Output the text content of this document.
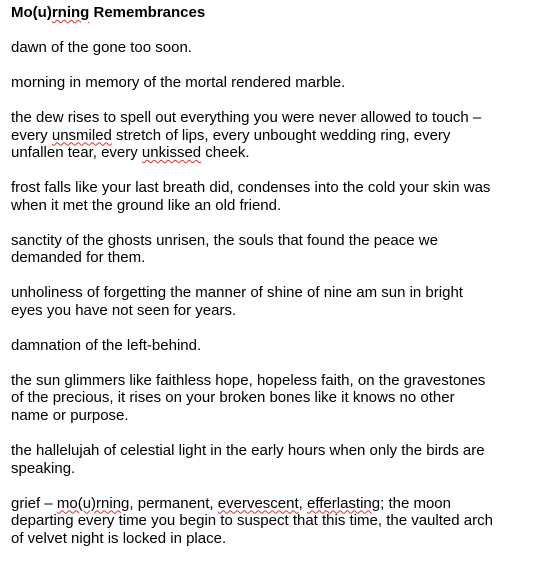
Mo(u)rning Remembrances
dawn of the gone too soon.
morning in memory of the mortal rendered marble.
the dew rises to spell out everything you were never allowed to touch –
every unsmiled stretch of lips, every unbought wedding ring, every
unfallen tear, every unkissed cheek.
frost falls like your last breath did, condenses into the cold your skin was
when it met the ground like an old friend.
sanctity of the ghosts unrisen, the souls that found the peace we
demanded for them.
unholiness of forgetting the manner of shine of nine am sun in bright
eyes you have not seen for years.
damnation of the left-behind.
the sun glimmers like faithless hope, hopeless faith, on the gravestones
of the precious, it rises on your broken bones like it knows no other
name or purpose.
the hallelujah of celestial light in the early hours when only the birds are
speaking.
grief – mo(u)rning, permanent, evervescent, efferlasting; the moon
departing every time you begin to suspect that this time, the vaulted arch
of velvet night is locked in place.
